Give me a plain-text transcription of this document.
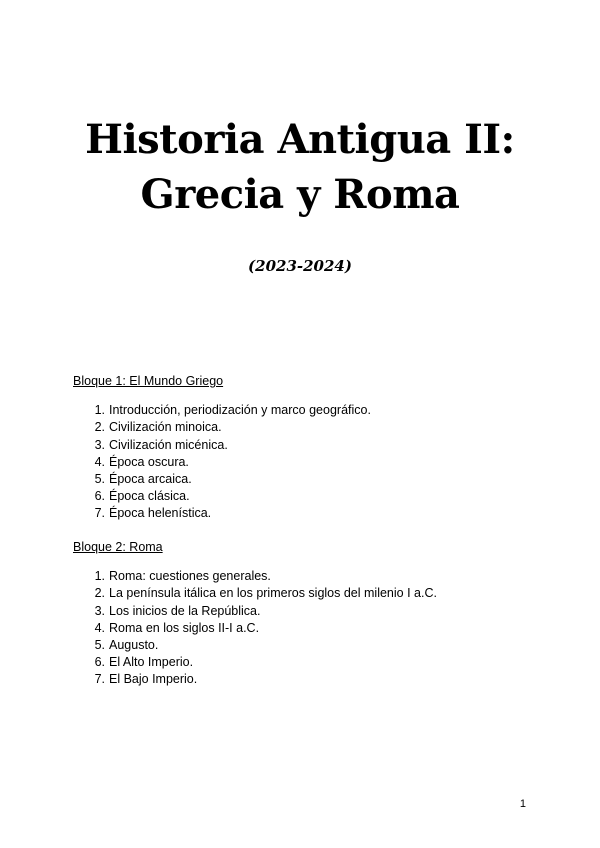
Historia Antigua II:
Grecia y Roma

(2023-2024)

Bloque 1: El Mundo Griego

1. Introducción, periodización y marco geográfico.
2. Civilización minoica.
3. Civilización micénica.
4. Época oscura.
5. Época arcaica.
6. Época clásica.
7. Época helenística.

Bloque 2: Roma

1. Roma: cuestiones generales.
2. La península itálica en los primeros siglos del milenio I a.C.
3. Los inicios de la República.
4. Roma en los siglos II-I a.C.
5. Augusto.
6. El Alto Imperio.
7. El Bajo Imperio.
1
